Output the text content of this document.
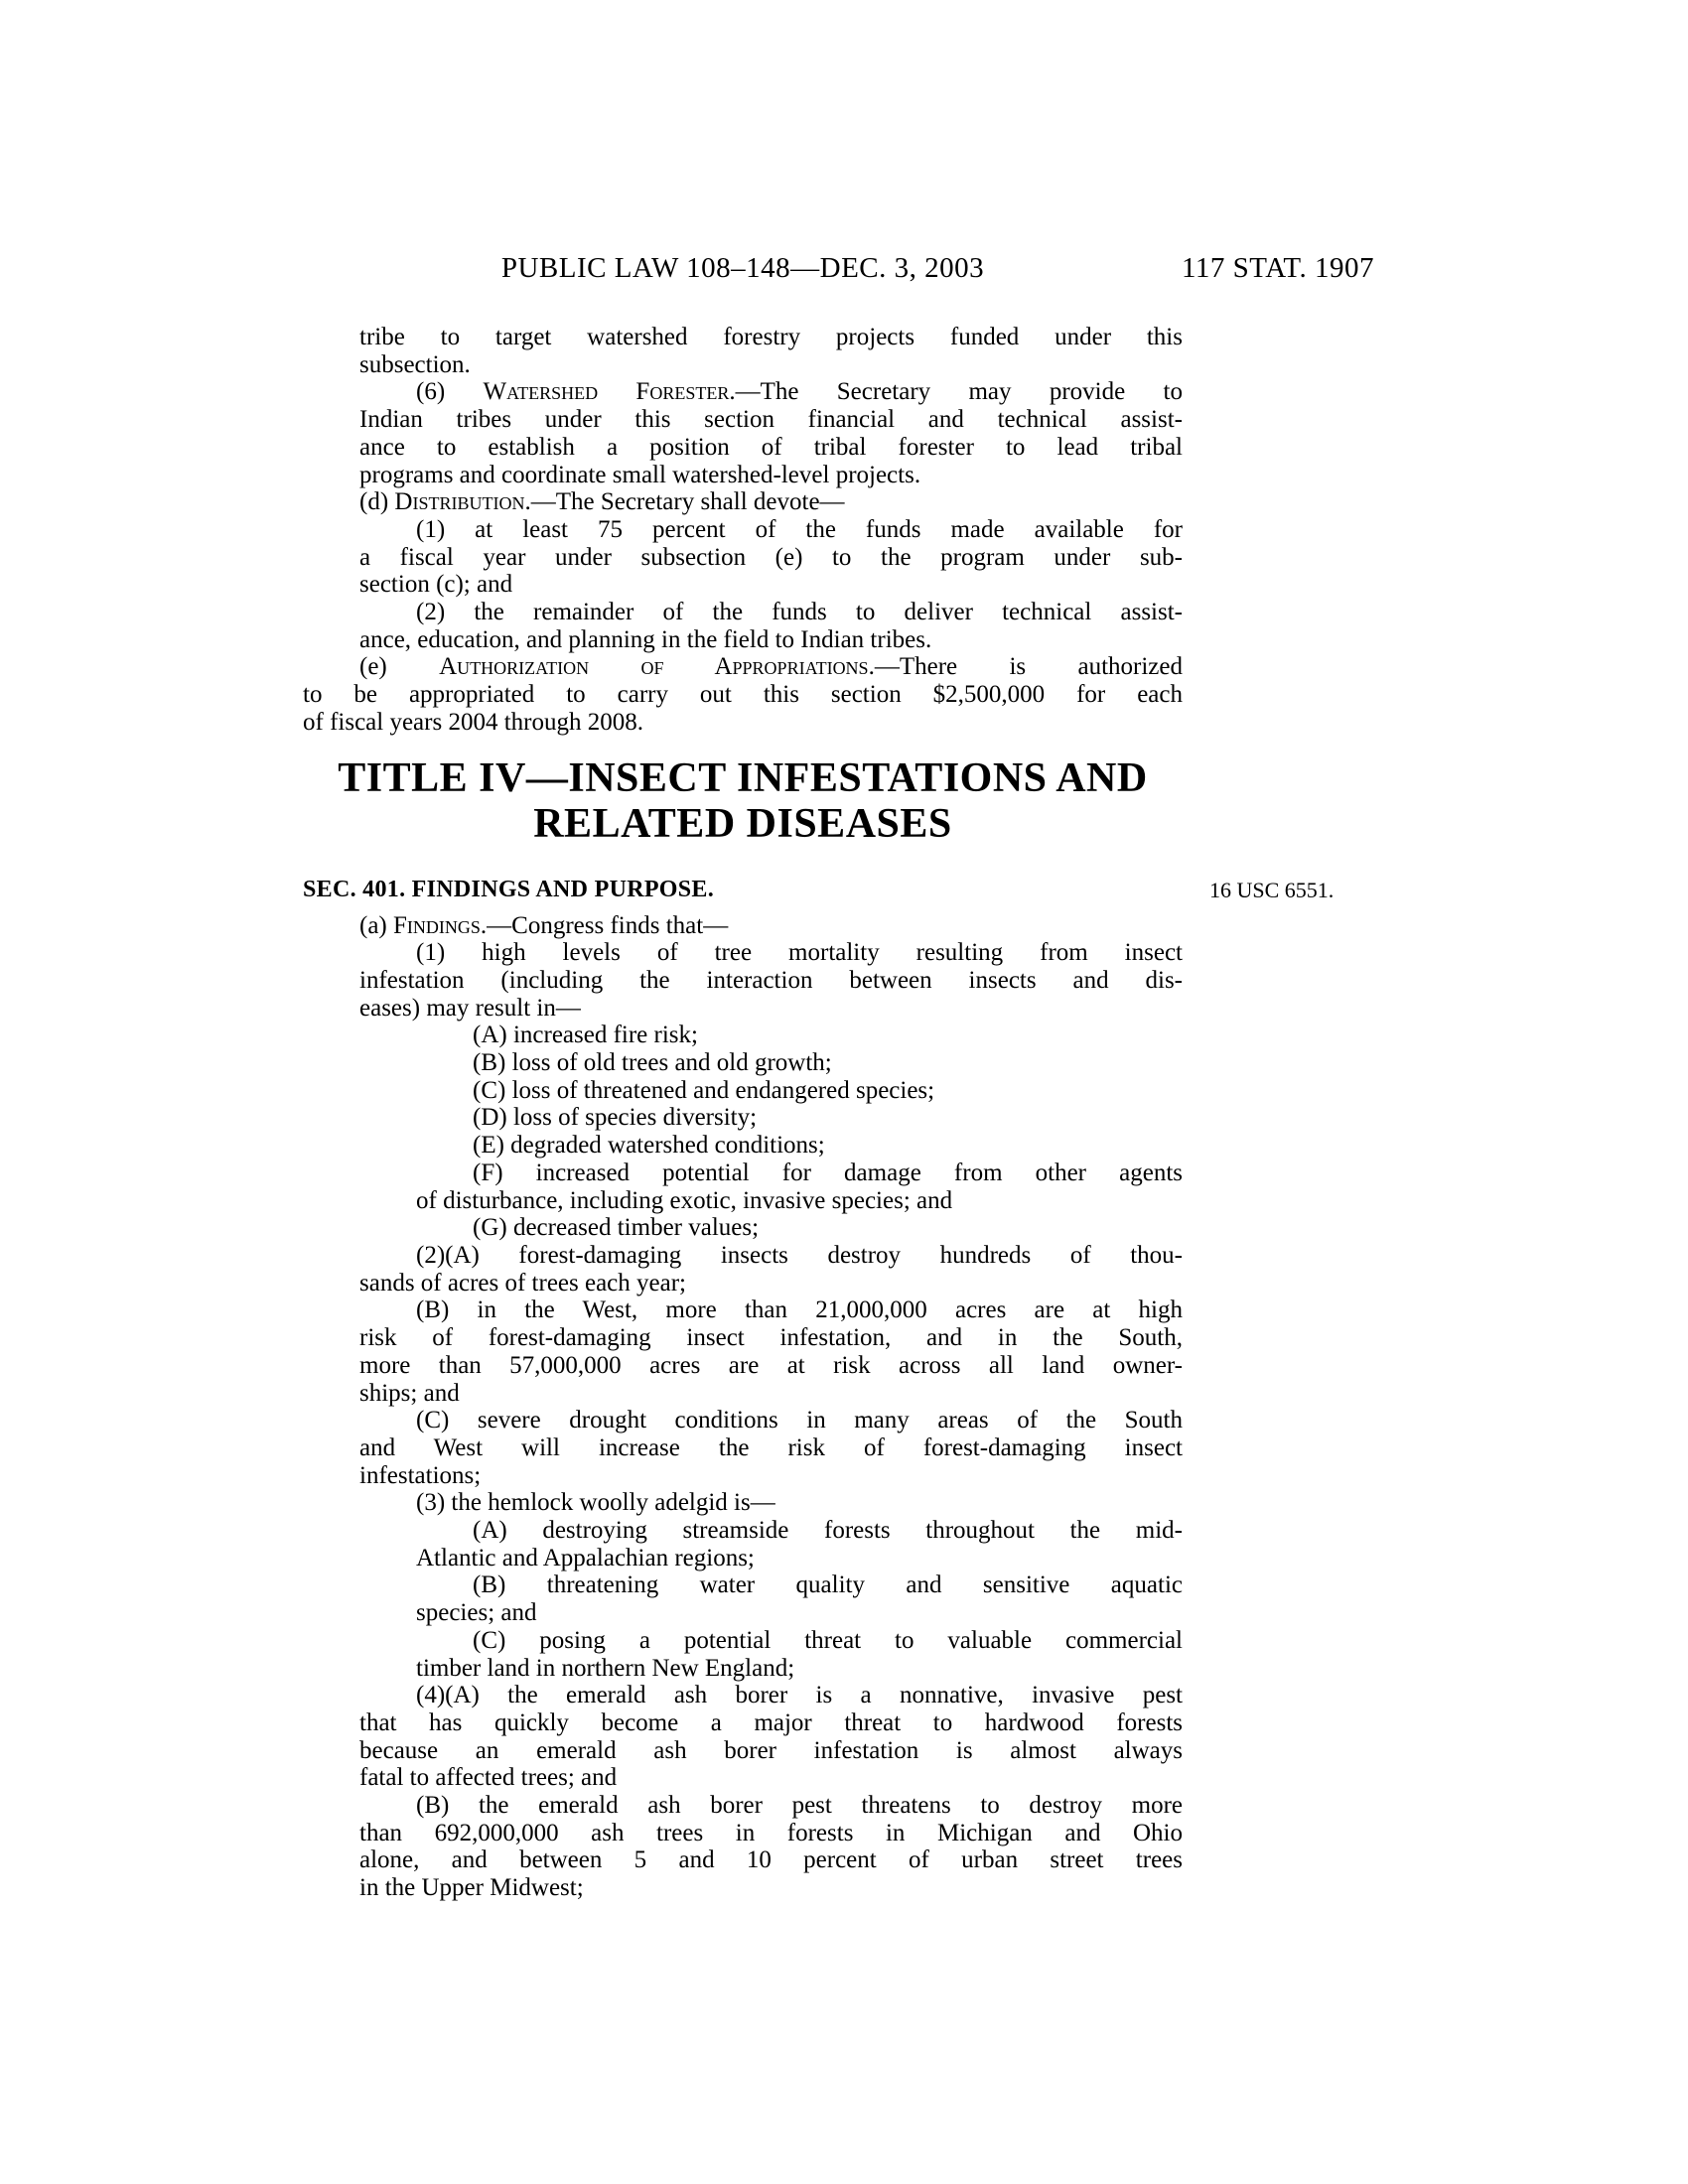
PUBLIC LAW 108–148—DEC. 3, 2003	117 STAT. 1907
tribe to target watershed forestry projects funded under this
subsection.
(6) Watershed Forester.—The Secretary may provide to
Indian tribes under this section financial and technical assist-
ance to establish a position of tribal forester to lead tribal
programs and coordinate small watershed-level projects.
(d) Distribution.—The Secretary shall devote—
(1) at least 75 percent of the funds made available for
a fiscal year under subsection (e) to the program under sub-
section (c); and
(2) the remainder of the funds to deliver technical assist-
ance, education, and planning in the field to Indian tribes.
(e) Authorization of Appropriations.—There is authorized
to be appropriated to carry out this section $2,500,000 for each
of fiscal years 2004 through 2008.
TITLE IV—INSECT INFESTATIONS AND
RELATED DISEASES
SEC. 401. FINDINGS AND PURPOSE.
(a) Findings.—Congress finds that—
(1) high levels of tree mortality resulting from insect
infestation (including the interaction between insects and dis-
eases) may result in—
(A) increased fire risk;
(B) loss of old trees and old growth;
(C) loss of threatened and endangered species;
(D) loss of species diversity;
(E) degraded watershed conditions;
(F) increased potential for damage from other agents
of disturbance, including exotic, invasive species; and
(G) decreased timber values;
(2)(A) forest-damaging insects destroy hundreds of thou-
sands of acres of trees each year;
(B) in the West, more than 21,000,000 acres are at high
risk of forest-damaging insect infestation, and in the South,
more than 57,000,000 acres are at risk across all land owner-
ships; and
(C) severe drought conditions in many areas of the South
and West will increase the risk of forest-damaging insect
infestations;
(3) the hemlock woolly adelgid is—
(A) destroying streamside forests throughout the mid-
Atlantic and Appalachian regions;
(B) threatening water quality and sensitive aquatic
species; and
(C) posing a potential threat to valuable commercial
timber land in northern New England;
(4)(A) the emerald ash borer is a nonnative, invasive pest
that has quickly become a major threat to hardwood forests
because an emerald ash borer infestation is almost always
fatal to affected trees; and
(B) the emerald ash borer pest threatens to destroy more
than 692,000,000 ash trees in forests in Michigan and Ohio
alone, and between 5 and 10 percent of urban street trees
in the Upper Midwest;
16 USC 6551.
